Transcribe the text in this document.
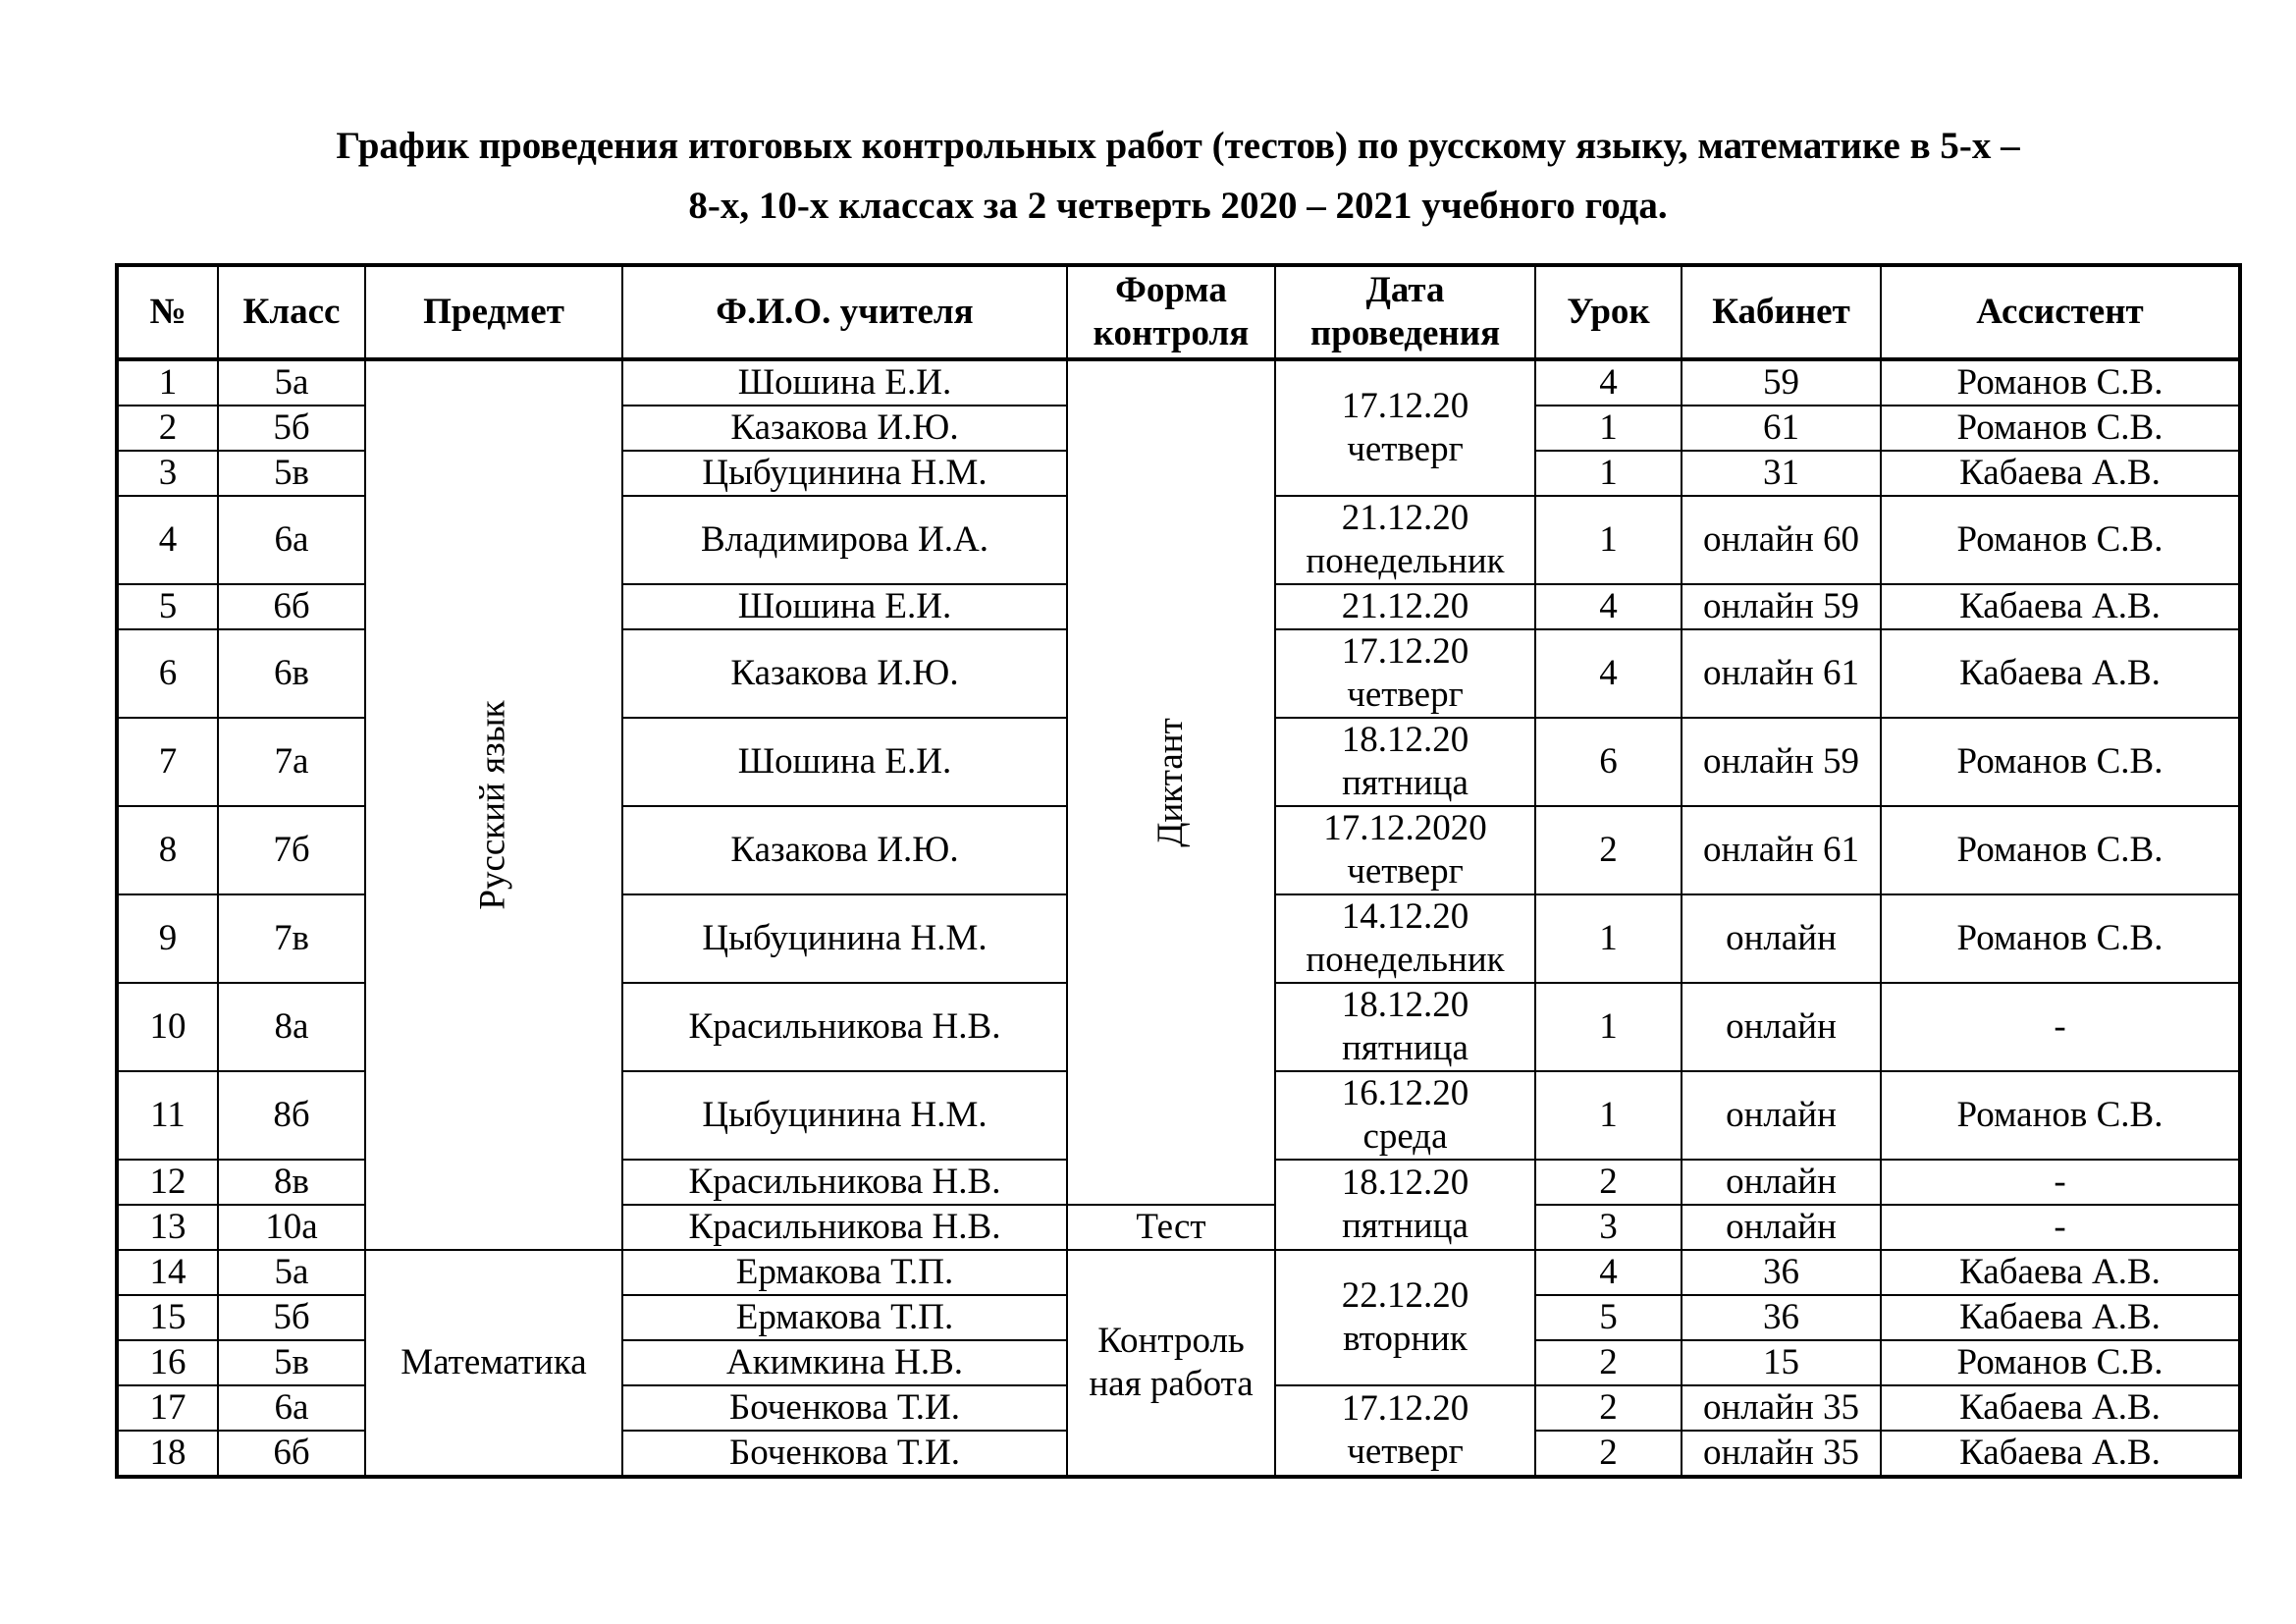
График проведения итоговых контрольных работ (тестов) по русскому языку, математике в 5-х –
8-х, 10-х классах за 2 четверть 2020 – 2021 учебного года.
№	Класс	Предмет	Ф.И.О. учителя	Форма
контроля	Дата
проведения	Урок	Кабинет	Ассистент
1	5а	Русский язык	Шошина Е.И.	Диктант	17.12.20
четверг	4	59	Романов С.В.
2	5б		Казакова И.Ю.			1	61	Романов С.В.
3	5в		Цыбуцинина Н.М.			1	31	Кабаева А.В.
4	6а		Владимирова И.А.		21.12.20
понедельник	1	онлайн 60	Романов С.В.
5	6б		Шошина Е.И.		21.12.20	4	онлайн 59	Кабаева А.В.
6	6в		Казакова И.Ю.		17.12.20
четверг	4	онлайн 61	Кабаева А.В.
7	7а		Шошина Е.И.		18.12.20
пятница	6	онлайн 59	Романов С.В.
8	7б		Казакова И.Ю.		17.12.2020
четверг	2	онлайн 61	Романов С.В.
9	7в		Цыбуцинина Н.М.		14.12.20
понедельник	1	онлайн	Романов С.В.
10	8а		Красильникова Н.В.		18.12.20
пятница	1	онлайн	-
11	8б		Цыбуцинина Н.М.		16.12.20
среда	1	онлайн	Романов С.В.
12	8в		Красильникова Н.В.		18.12.20
пятница	2	онлайн	-
13	10а		Красильникова Н.В.	Тест		3	онлайн	-
14	5а	Математика	Ермакова Т.П.	Контроль
ная работа	22.12.20
вторник	4	36	Кабаева А.В.
15	5б		Ермакова Т.П.			5	36	Кабаева А.В.
16	5в		Акимкина Н.В.			2	15	Романов С.В.
17	6а		Боченкова Т.И.		17.12.20
четверг	2	онлайн 35	Кабаева А.В.
18	6б		Боченкова Т.И.			2	онлайн 35	Кабаева А.В.
